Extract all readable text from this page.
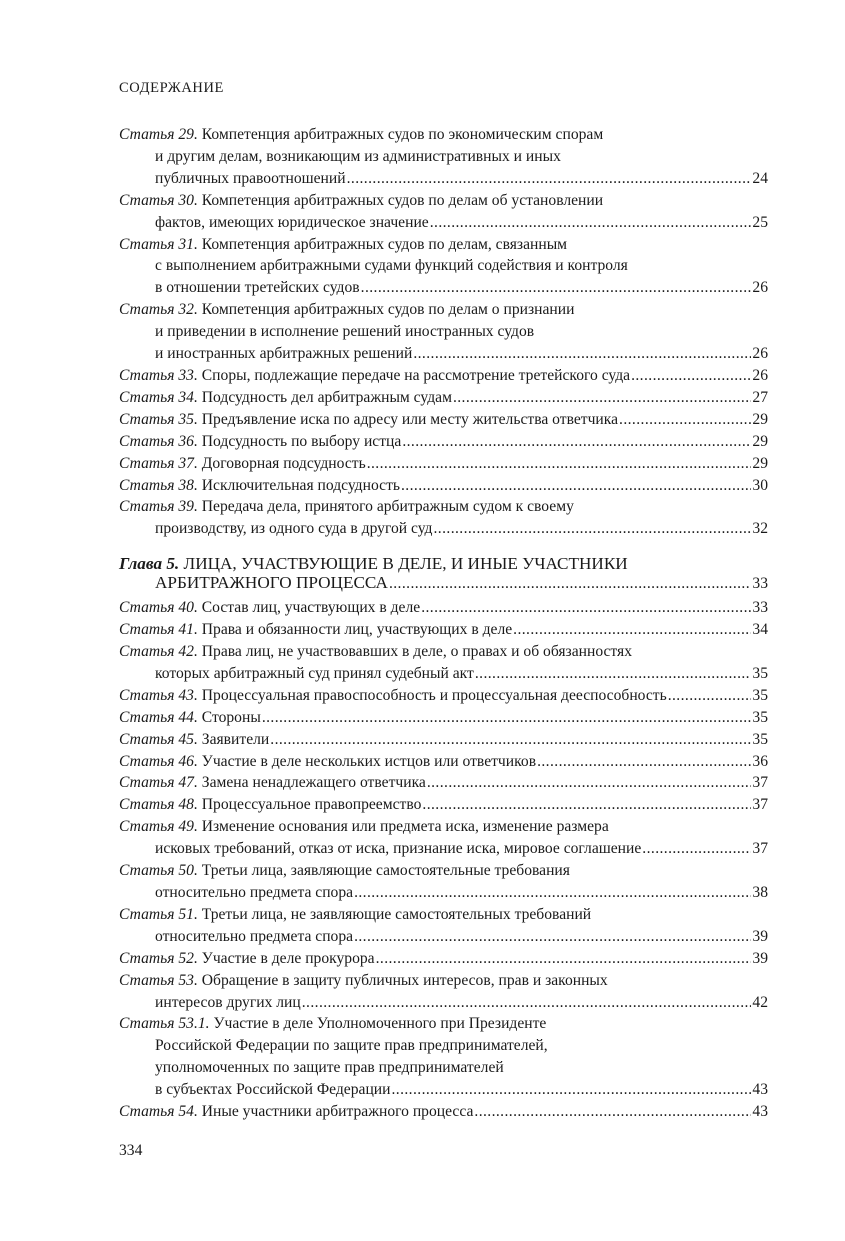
СОДЕРЖАНИЕ
Статья 29. Компетенция арбитражных судов по экономическим спорам
и другим делам, возникающим из административных и иных
публичных правоотношений .....	24
Статья 30. Компетенция арбитражных судов по делам об установлении
фактов, имеющих юридическое значение .....	25
Статья 31. Компетенция арбитражных судов по делам, связанным
с выполнением арбитражными судами функций содействия и контроля
в отношении третейских судов .....	26
Статья 32. Компетенция арбитражных судов по делам о признании
и приведении в исполнение решений иностранных судов
и иностранных арбитражных решений .....	26
Статья 33. Споры, подлежащие передаче на рассмотрение третейского суда .....	26
Статья 34. Подсудность дел арбитражным судам .....	27
Статья 35. Предъявление иска по адресу или месту жительства ответчика .....	29
Статья 36. Подсудность по выбору истца .....	29
Статья 37. Договорная подсудность .....	29
Статья 38. Исключительная подсудность .....	30
Статья 39. Передача дела, принятого арбитражным судом к своему
производству, из одного суда в другой суд .....	32
Глава 5. ЛИЦА, УЧАСТВУЮЩИЕ В ДЕЛЕ, И ИНЫЕ УЧАСТНИКИ
АРБИТРАЖНОГО ПРОЦЕССА .....	33
Статья 40. Состав лиц, участвующих в деле .....	33
Статья 41. Права и обязанности лиц, участвующих в деле .....	34
Статья 42. Права лиц, не участвовавших в деле, о правах и об обязанностях
которых арбитражный суд принял судебный акт .....	35
Статья 43. Процессуальная правоспособность и процессуальная дееспособность .....	35
Статья 44. Стороны .....	35
Статья 45. Заявители .....	35
Статья 46. Участие в деле нескольких истцов или ответчиков .....	36
Статья 47. Замена ненадлежащего ответчика .....	37
Статья 48. Процессуальное правопреемство .....	37
Статья 49. Изменение основания или предмета иска, изменение размера
исковых требований, отказ от иска, признание иска, мировое соглашение .....	37
Статья 50. Третьи лица, заявляющие самостоятельные требования
относительно предмета спора .....	38
Статья 51. Третьи лица, не заявляющие самостоятельных требований
относительно предмета спора .....	39
Статья 52. Участие в деле прокурора .....	39
Статья 53. Обращение в защиту публичных интересов, прав и законных
интересов других лиц .....	42
Статья 53.1. Участие в деле Уполномоченного при Президенте
Российской Федерации по защите прав предпринимателей,
уполномоченных по защите прав предпринимателей
в субъектах Российской Федерации .....	43
Статья 54. Иные участники арбитражного процесса .....	43
334
